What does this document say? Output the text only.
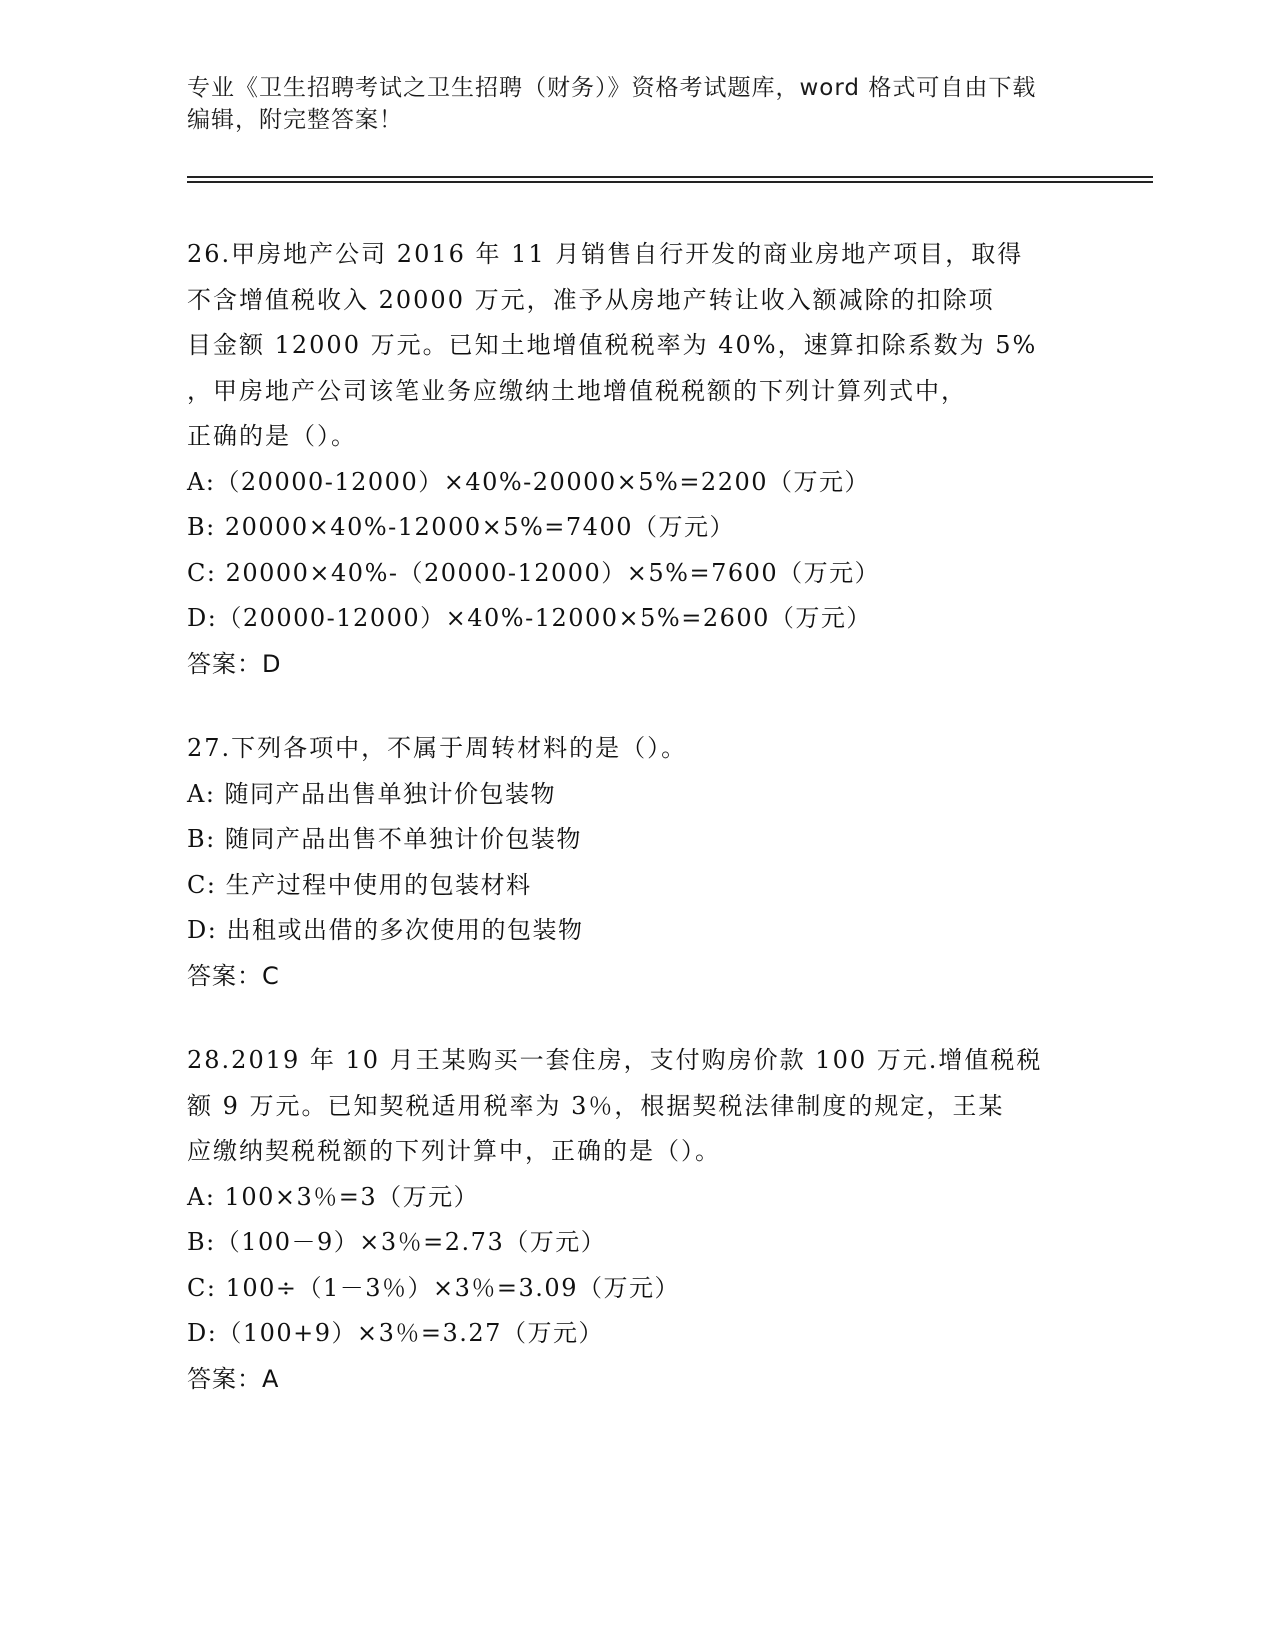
专业《卫生招聘考试之卫生招聘（财务）》资格考试题库，word 格式可自由下载
编辑，附完整答案！
26.甲房地产公司 2016 年 11 月销售自行开发的商业房地产项目，取得
不含增值税收入 20000 万元，准予从房地产转让收入额减除的扣除项
目金额 12000 万元。已知土地增值税税率为 40%，速算扣除系数为 5%
，甲房地产公司该笔业务应缴纳土地增值税税额的下列计算列式中，
正确的是（）。
A:（20000-12000）×40%-20000×5%=2200（万元）
B: 20000×40%-12000×5%=7400（万元）
C: 20000×40%-（20000-12000）×5%=7600（万元）
D:（20000-12000）×40%-12000×5%=2600（万元）
答案：D
27.下列各项中，不属于周转材料的是（）。
A: 随同产品出售单独计价包装物
B: 随同产品出售不单独计价包装物
C: 生产过程中使用的包装材料
D: 出租或出借的多次使用的包装物
答案：C
28.2019 年 10 月王某购买一套住房，支付购房价款 100 万元.增值税税
额 9 万元。已知契税适用税率为 3％，根据契税法律制度的规定，王某
应缴纳契税税额的下列计算中，正确的是（）。
A: 100×3％=3（万元）
B:（100－9）×3％=2.73（万元）
C: 100÷（1－3％）×3％=3.09（万元）
D:（100+9）×3％=3.27（万元）
答案：A
